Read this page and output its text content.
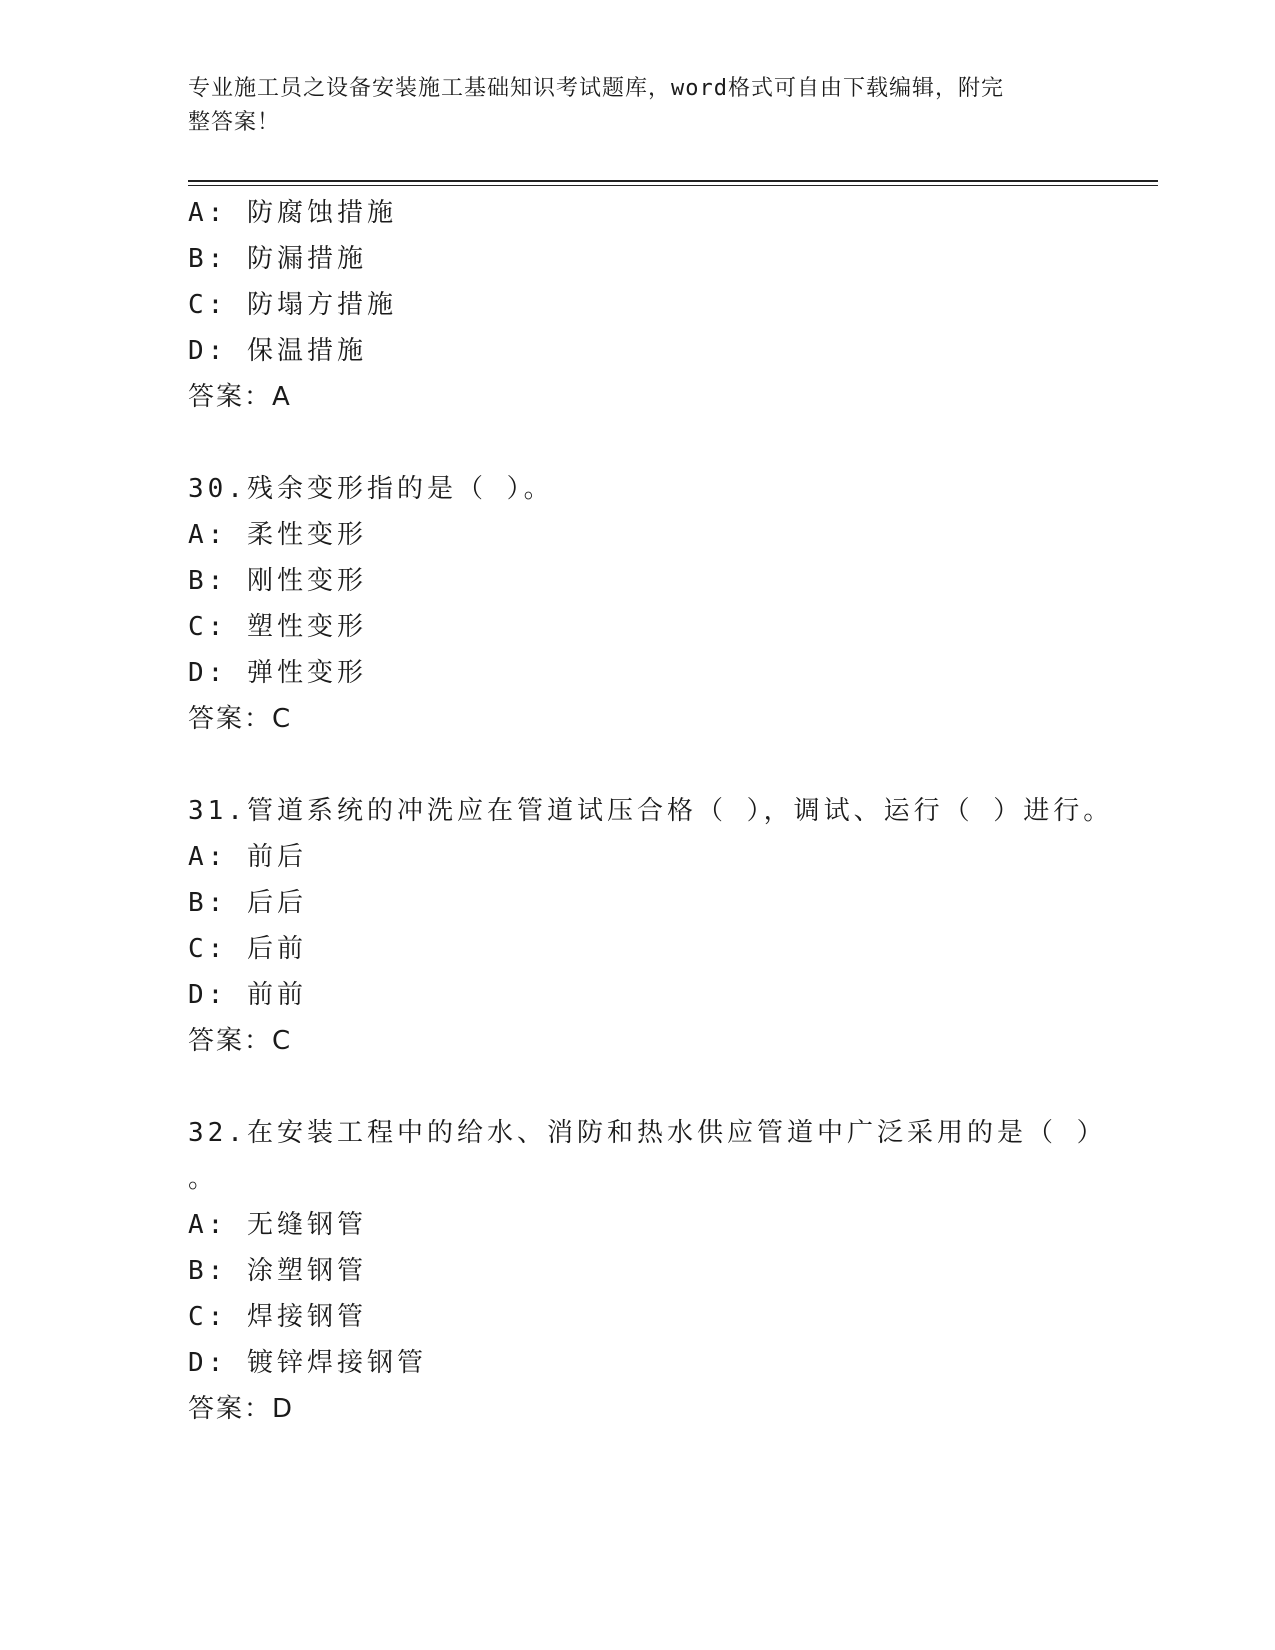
专业施工员之设备安装施工基础知识考试题库，word格式可自由下载编辑，附完
整答案！
A: 防腐蚀措施
B: 防漏措施
C: 防塌方措施
D: 保温措施
答案：A
30.残余变形指的是（ ）。
A: 柔性变形
B: 刚性变形
C: 塑性变形
D: 弹性变形
答案：C
31.管道系统的冲洗应在管道试压合格（ ），调试、运行（ ）进行。
A: 前后
B: 后后
C: 后前
D: 前前
答案：C
32.在安装工程中的给水、消防和热水供应管道中广泛采用的是（ ）
。
A: 无缝钢管
B: 涂塑钢管
C: 焊接钢管
D: 镀锌焊接钢管
答案：D
